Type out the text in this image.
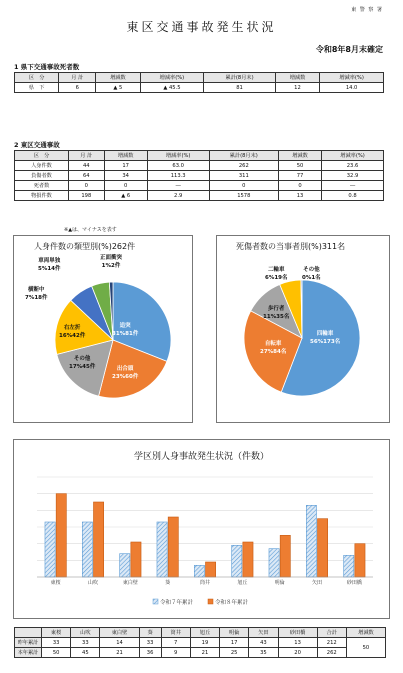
東 警 察 署
東区交通事故発生状況
令和8年8月末確定
1 県下交通事故死者数
区　分	月 計	増減数	増減率(%)	累計(8月末)	増減数	増減率(%)
県　下	6	▲ 5	▲ 45.5	81	12	14.0
2 東区交通事故
区　分	月 計	増減数	増減率(%)	累計(8月末)	増減数	増減率(%)
人身件数	44	17	63.0	262	50	23.6
負傷者数	64	34	113.3	311	77	32.9
死者数	0	0	―	0	0	―
物損件数	198	▲ 6	2.9	1578	13	0.8
※▲は、マイナスを表す
人身件数の類型別(%)262件
追突
31%81件
出合頭
23%60件
その他
17%45件
右左折
16%42件
横断中
7%18件
車両単独
5%14件
正面衝突
1%2件
死傷者数の当事者別(%)311名
四輪車
56%173名
自転車
27%84名
歩行者
11%35名
二輪車
6%19名
その他
0%1名
学区別人身事故発生状況（件数）
東桜	山吹	東白壁	葵	筒井	旭丘	明倫	矢田	砂田橋
令和７年累計	令和８年累計
	東桜	山吹	東白壁	葵	筒井	旭丘	明倫	矢田	砂田橋	合計	増減数
昨年累計	33	33	14	33	7	19	17	43	13	212	50
本年累計	50	45	21	36	9	21	25	35	20	262	
